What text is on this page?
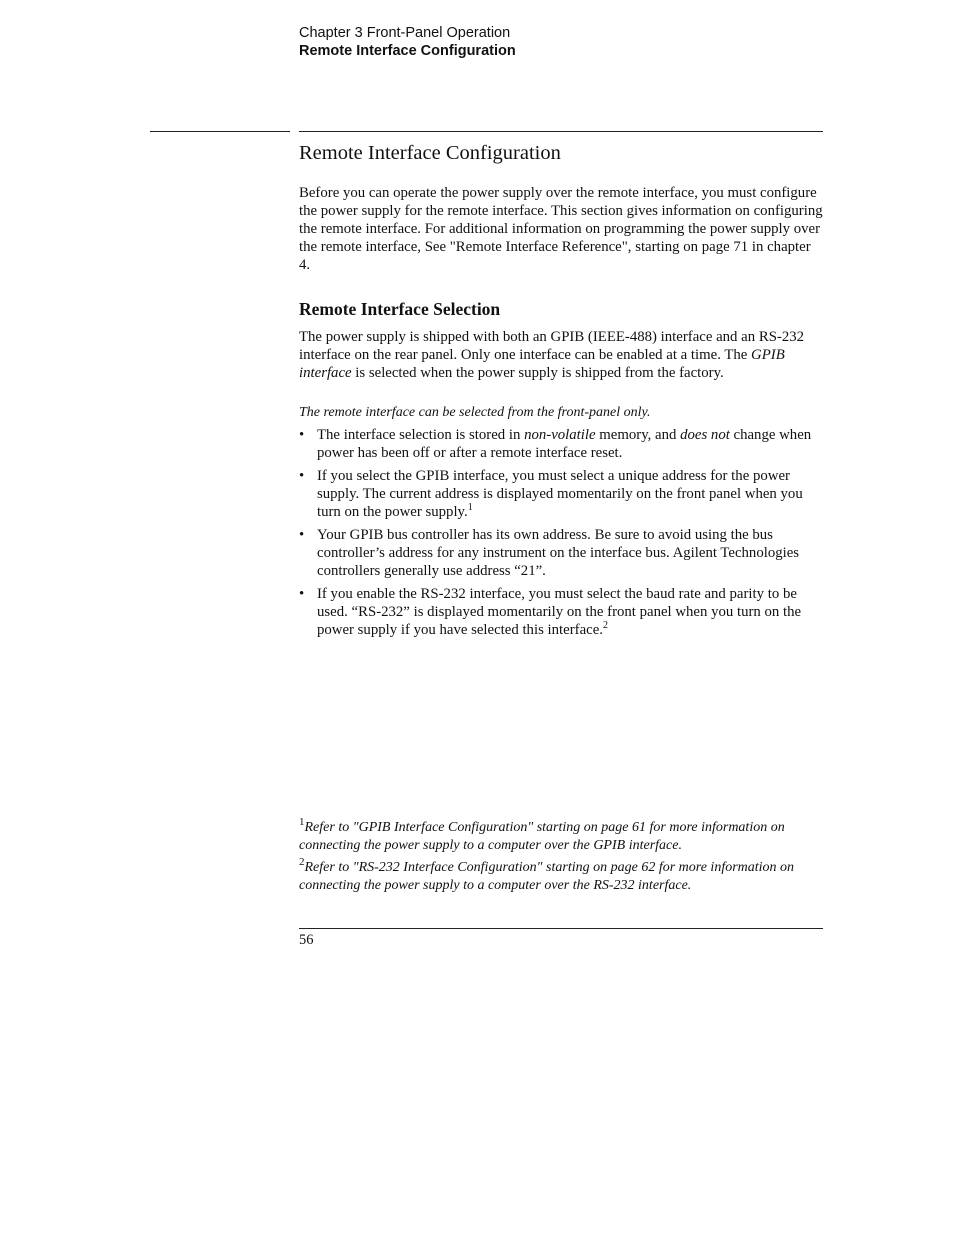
Chapter 3 Front-Panel Operation
Remote Interface Configuration
Remote Interface Configuration
Before you can operate the power supply over the remote interface, you must configure the power supply for the remote interface. This section gives information on configuring the remote interface. For additional information on programming the power supply over the remote interface, See "Remote Interface Reference", starting on page 71 in chapter 4.
Remote Interface Selection
The power supply is shipped with both an GPIB (IEEE-488) interface and an RS-232 interface on the rear panel. Only one interface can be enabled at a time. The GPIB interface is selected when the power supply is shipped from the factory.
The remote interface can be selected from the front-panel only.
• The interface selection is stored in non-volatile memory, and does not change when power has been off or after a remote interface reset.
• If you select the GPIB interface, you must select a unique address for the power supply. The current address is displayed momentarily on the front panel when you turn on the power supply.$^1$
• Your GPIB bus controller has its own address. Be sure to avoid using the bus controller’s address for any instrument on the interface bus. Agilent Technologies controllers generally use address “21”.
• If you enable the RS-232 interface, you must select the baud rate and parity to be used. “RS-232” is displayed momentarily on the front panel when you turn on the power supply if you have selected this interface.$^2$
$^1$Refer to "GPIB Interface Configuration" starting on page 61 for more information on connecting the power supply to a computer over the GPIB interface.
$^2$Refer to "RS-232 Interface Configuration" starting on page 62 for more information on connecting the power supply to a computer over the RS-232 interface.
56
